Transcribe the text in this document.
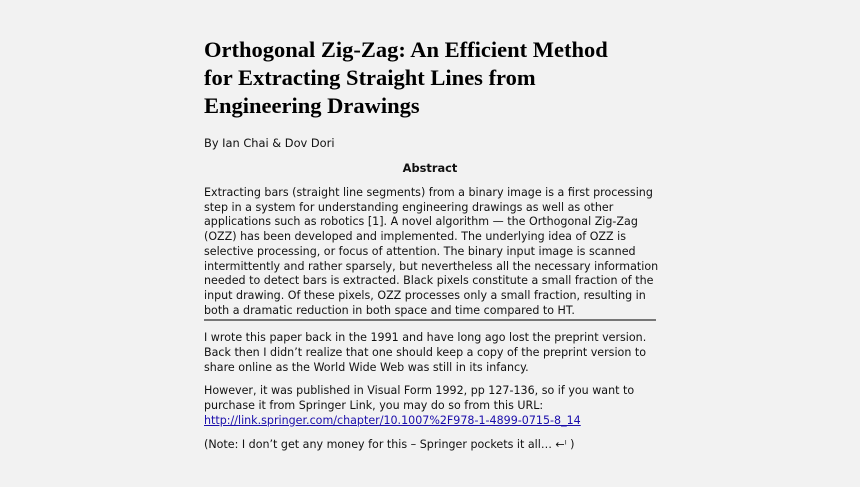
Orthogonal Zig-Zag: An Efficient Method
for Extracting Straight Lines from
Engineering Drawings

By Ian Chai & Dov Dori

Abstract

Extracting bars (straight line segments) from a binary image is a first processing
step in a system for understanding engineering drawings as well as other
applications such as robotics [1]. A novel algorithm — the Orthogonal Zig-Zag
(OZZ) has been developed and implemented. The underlying idea of OZZ is
selective processing, or focus of attention. The binary input image is scanned
intermittently and rather sparsely, but nevertheless all the necessary information
needed to detect bars is extracted. Black pixels constitute a small fraction of the
input drawing. Of these pixels, OZZ processes only a small fraction, resulting in
both a dramatic reduction in both space and time compared to HT.
I wrote this paper back in the 1991 and have long ago lost the preprint version.
Back then I didn’t realize that one should keep a copy of the preprint version to
share online as the World Wide Web was still in its infancy.
However, it was published in Visual Form 1992, pp 127-136, so if you want to
purchase it from Springer Link, you may do so from this URL:
http://link.springer.com/chapter/10.1007%2F978-1-4899-0715-8_14
(Note: I don’t get any money for this – Springer pockets it all… ←ˡ )
